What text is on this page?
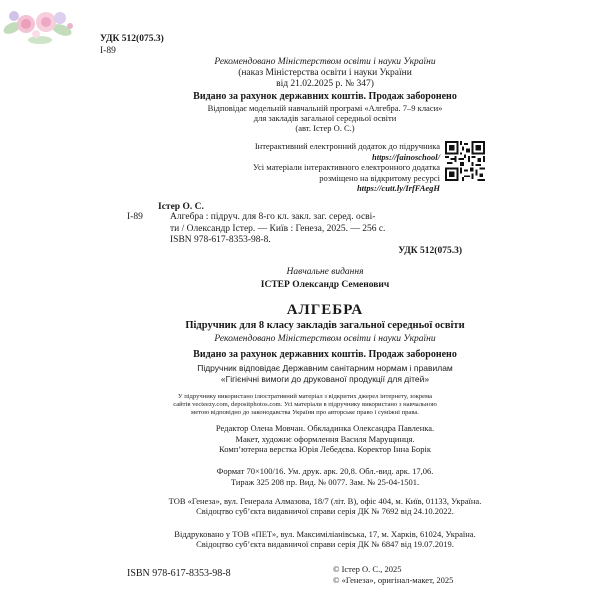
УДК 512(075.3)
І-89
Рекомендовано Міністерством освіти і науки України
(наказ Міністерства освіти і науки України
від 21.02.2025 р. № 347)
Видано за рахунок державних коштів. Продаж заборонено
Відповідає модельній навчальній програмі «Алгебра. 7–9 класи»
для закладів загальної середньої освіти
(авт. Істер О. С.)
Інтерактивний електронний додаток до підручника
https://fainoschool/
Усі матеріали інтерактивного електронного додатка
розміщено на відкритому ресурсі
https://cutt.ly/IrfFAegH
Істер О. С.
І-89	Алгебра : підруч. для 8-го кл. закл. заг. серед. осві-
ти / Олександр Істер. — Київ : Генеза, 2025. — 256 с.
ISBN 978-617-8353-98-8.
УДК 512(075.3)
Навчальне видання
ІСТЕР Олександр Семенович
АЛГЕБРА
Підручник для 8 класу закладів загальної середньої освіти
Рекомендовано Міністерством освіти і науки України
Видано за рахунок державних коштів. Продаж заборонено
Підручник відповідає Державним санітарним нормам і правилам
«Гігієнічні вимоги до друкованої продукції для дітей»
У підручнику використано ілюстративний матеріал з відкритих джерел інтернету, зокрема
сайтів vecteezy.com, depositphotos.com. Усі матеріали в підручнику використано з навчальною
метою відповідно до законодавства України про авторське право і суміжні права.
Редактор Олена Мовчан. Обкладинка Олександра Павленка.
Макет, художнє оформлення Василя Марущинця.
Комп’ютерна верстка Юрія Лебедєва. Коректор Інна Борік
Формат 70×100/16. Ум. друк. арк. 20,8. Обл.-вид. арк. 17,06.
Тираж 325 208 пр. Вид. № 0077. Зам. № 25-04-1501.
ТОВ «Генеза», вул. Генерала Алмазова, 18/7 (літ. В), офіс 404, м. Київ, 01133, Україна.
Свідоцтво суб’єкта видавничої справи серія ДК № 7692 від 24.10.2022.
Віддруковано у ТОВ «ПЕТ», вул. Максиміліанівська, 17, м. Харків, 61024, Україна.
Свідоцтво суб’єкта видавничої справи серія ДК № 6847 від 19.07.2019.
ISBN 978-617-8353-98-8	© Істер О. С., 2025
© «Генеза», оригінал-макет, 2025
